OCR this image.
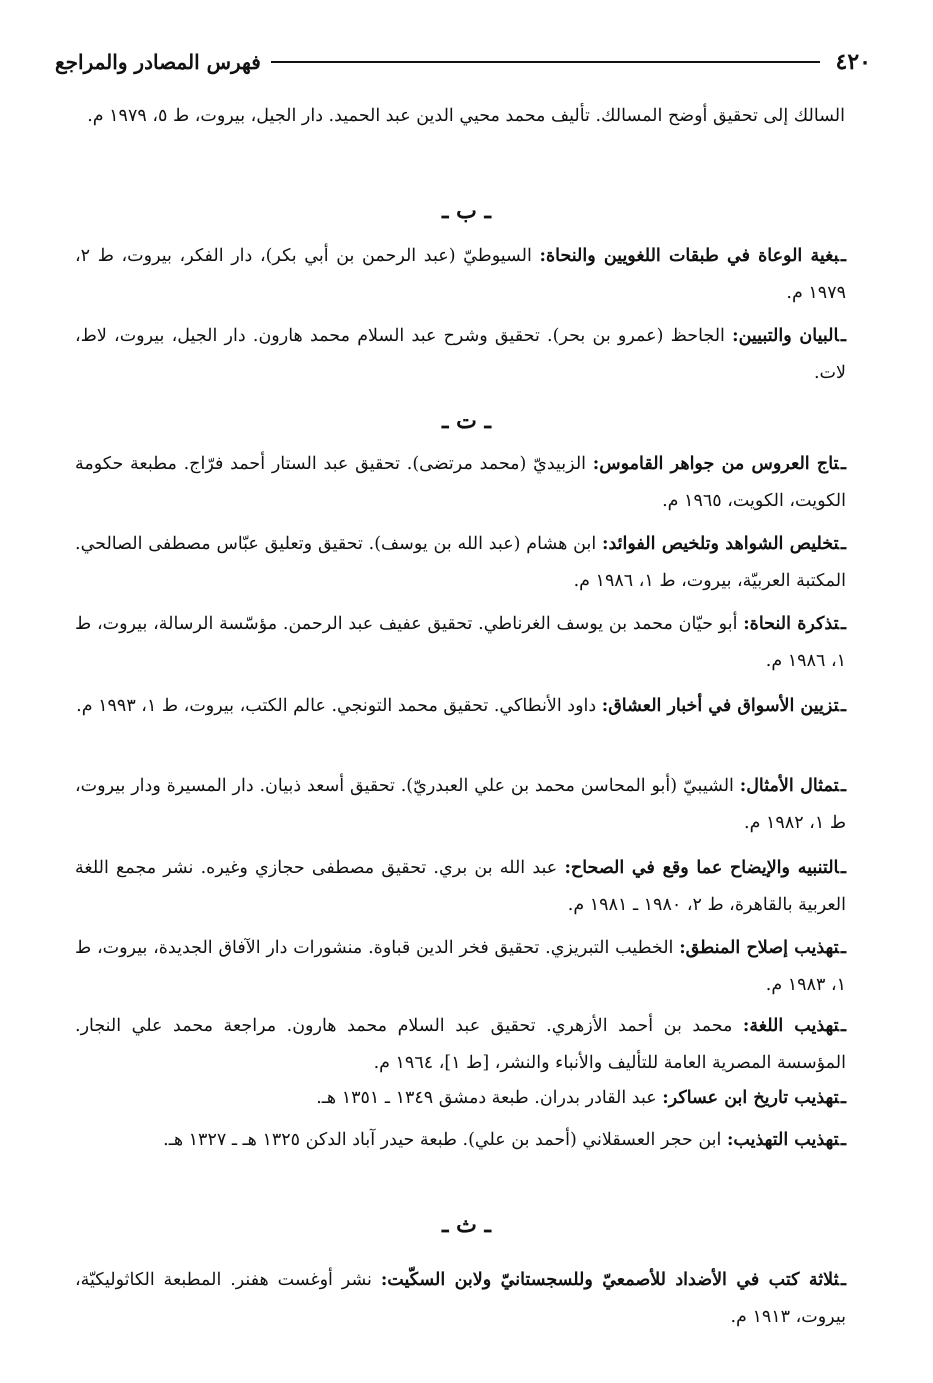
٤٢٠
فهرس المصادر والمراجع
السالك إلى تحقيق أوضح المسالك. تأليف محمد محيي الدين عبد الحميد. دار الجيل، بيروت، ط ٥، ١٩٧٩ م.
ـ ب ـ
ـبغية الوعاة في طبقات اللغويين والنحاة: السيوطيّ (عبد الرحمن بن أبي بكر)، دار الفكر، بيروت، ط ٢، ١٩٧٩ م.
ـالبيان والتبيين: الجاحظ (عمرو بن بحر). تحقيق وشرح عبد السلام محمد هارون. دار الجيل، بيروت، لاط، لات.
ـ ت ـ
ـتاج العروس من جواهر القاموس: الزبيديّ (محمد مرتضى). تحقيق عبد الستار أحمد فرّاج. مطبعة حكومة الكويت، الكويت، ١٩٦٥ م.
ـتخليص الشواهد وتلخيص الفوائد: ابن هشام (عبد الله بن يوسف). تحقيق وتعليق عبّاس مصطفى الصالحي. المكتبة العربيّة، بيروت، ط ١، ١٩٨٦ م.
ـتذكرة النحاة: أبو حيّان محمد بن يوسف الغرناطي. تحقيق عفيف عبد الرحمن. مؤسّسة الرسالة، بيروت، ط ١، ١٩٨٦ م.
ـتزيين الأسواق في أخبار العشاق: داود الأنطاكي. تحقيق محمد التونجي. عالم الكتب، بيروت، ط ١، ١٩٩٣ م.
ـتمثال الأمثال: الشيبيّ (أبو المحاسن محمد بن علي العبدريّ). تحقيق أسعد ذبيان. دار المسيرة ودار بيروت، ط ١، ١٩٨٢ م.
ـالتنبيه والإيضاح عما وقع في الصحاح: عبد الله بن بري. تحقيق مصطفى حجازي وغيره. نشر مجمع اللغة العربية بالقاهرة، ط ٢، ١٩٨٠ ـ ١٩٨١ م.
ـتهذيب إصلاح المنطق: الخطيب التبريزي. تحقيق فخر الدين قباوة. منشورات دار الآفاق الجديدة، بيروت، ط ١، ١٩٨٣ م.
ـتهذيب اللغة: محمد بن أحمد الأزهري. تحقيق عبد السلام محمد هارون. مراجعة محمد علي النجار. المؤسسة المصرية العامة للتأليف والأنباء والنشر، [ط ١]، ١٩٦٤ م.
ـتهذيب تاريخ ابن عساكر: عبد القادر بدران. طبعة دمشق ١٣٤٩ ـ ١٣٥١ هـ.
ـتهذيب التهذيب: ابن حجر العسقلاني (أحمد بن علي). طبعة حيدر آباد الدكن ١٣٢٥ هـ ـ ١٣٢٧ هـ.
ـ ث ـ
ـثلاثة كتب في الأضداد للأصمعيّ وللسجستانيّ ولابن السكّيت: نشر أوغست هفنر. المطبعة الكاثوليكيّة، بيروت، ١٩١٣ م.
